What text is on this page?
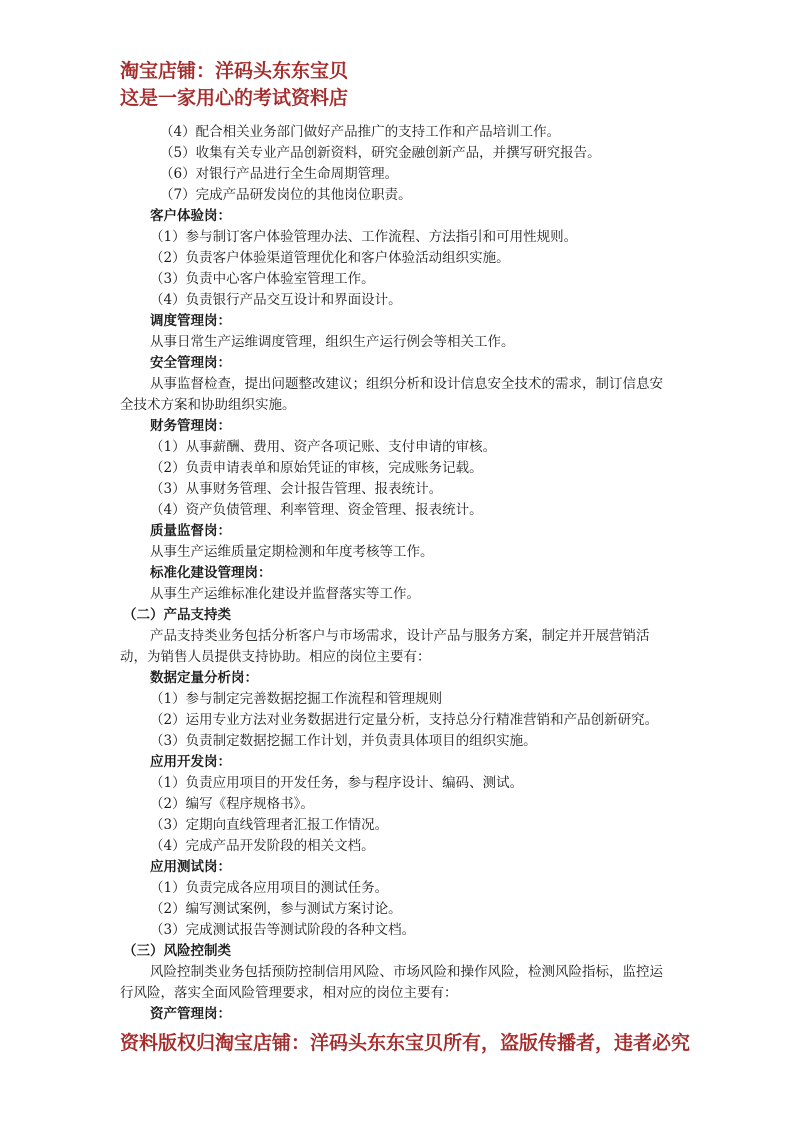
淘宝店铺：洋码头东东宝贝
这是一家用心的考试资料店
（4）配合相关业务部门做好产品推广的支持工作和产品培训工作。
（5）收集有关专业产品创新资料，研究金融创新产品，并撰写研究报告。
（6）对银行产品进行全生命周期管理。
（7）完成产品研发岗位的其他岗位职责。
客户体验岗：
（1）参与制订客户体验管理办法、工作流程、方法指引和可用性规则。
（2）负责客户体验渠道管理优化和客户体验活动组织实施。
（3）负责中心客户体验室管理工作。
（4）负责银行产品交互设计和界面设计。
调度管理岗：
从事日常生产运维调度管理，组织生产运行例会等相关工作。
安全管理岗：
从事监督检查，提出问题整改建议；组织分析和设计信息安全技术的需求，制订信息安
全技术方案和协助组织实施。
财务管理岗：
（1）从事薪酬、费用、资产各项记账、支付申请的审核。
（2）负责申请表单和原始凭证的审核，完成账务记载。
（3）从事财务管理、会计报告管理、报表统计。
（4）资产负债管理、利率管理、资金管理、报表统计。
质量监督岗：
从事生产运维质量定期检测和年度考核等工作。
标准化建设管理岗：
从事生产运维标准化建设并监督落实等工作。
（二）产品支持类
产品支持类业务包括分析客户与市场需求，设计产品与服务方案，制定并开展营销活
动，为销售人员提供支持协助。相应的岗位主要有：
数据定量分析岗：
（1）参与制定完善数据挖掘工作流程和管理规则
（2）运用专业方法对业务数据进行定量分析，支持总分行精准营销和产品创新研究。
（3）负责制定数据挖掘工作计划，并负责具体项目的组织实施。
应用开发岗：
（1）负责应用项目的开发任务，参与程序设计、编码、测试。
（2）编写《程序规格书》。
（3）定期向直线管理者汇报工作情况。
（4）完成产品开发阶段的相关文档。
应用测试岗：
（1）负责完成各应用项目的测试任务。
（2）编写测试案例，参与测试方案讨论。
（3）完成测试报告等测试阶段的各种文档。
（三）风险控制类
风险控制类业务包括预防控制信用风险、市场风险和操作风险，检测风险指标，监控运
行风险，落实全面风险管理要求，相对应的岗位主要有：
资产管理岗：
资料版权归淘宝店铺：洋码头东东宝贝所有，盗版传播者，违者必究
